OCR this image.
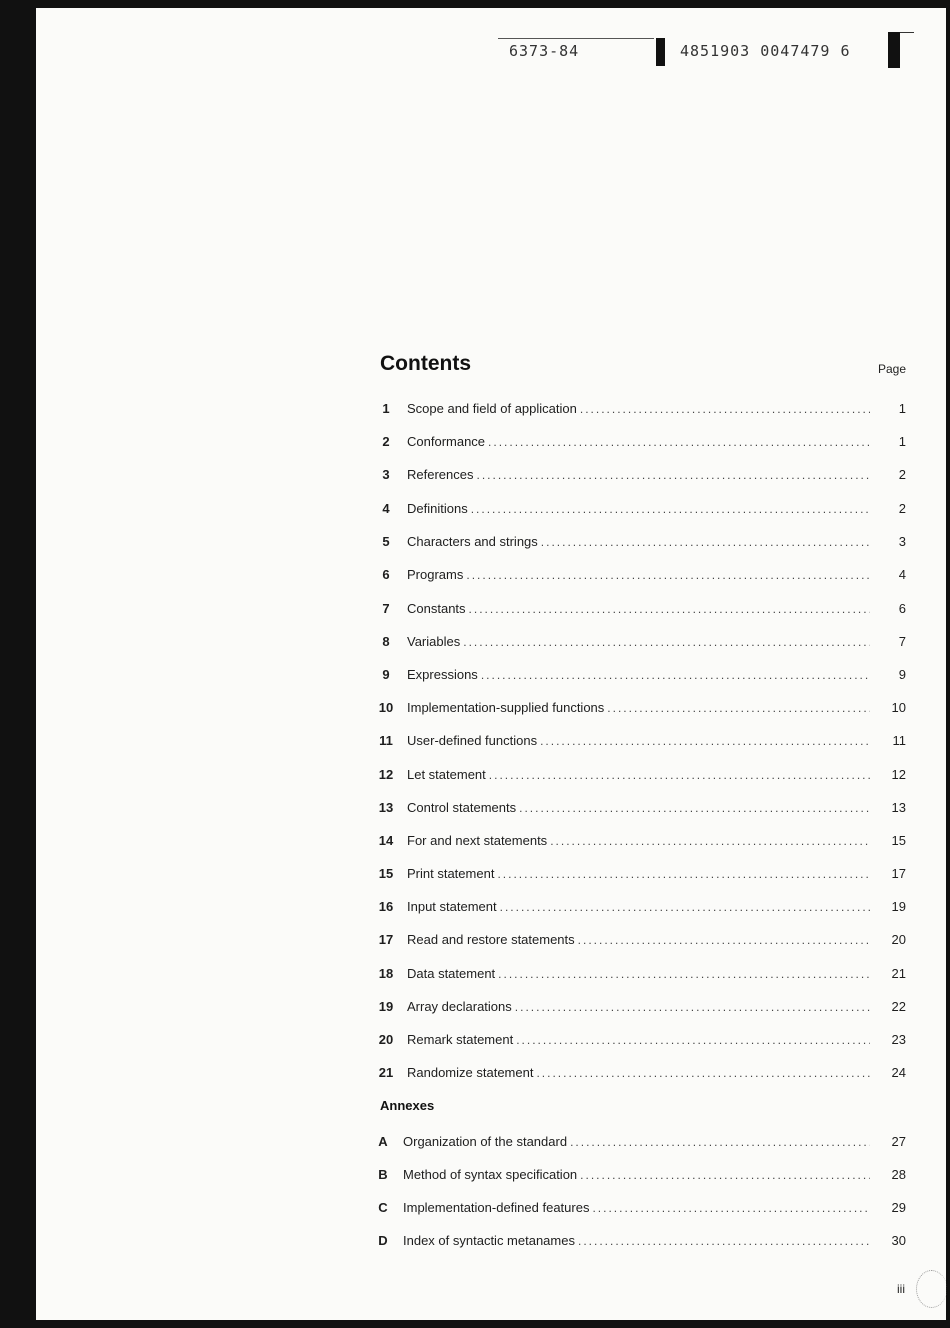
6373-84	4851903 0047479 6
Contents	Page
1	Scope and field of application .....	1
2	Conformance .....	1
3	References .....	2
4	Definitions .....	2
5	Characters and strings .....	3
6	Programs .....	4
7	Constants .....	6
8	Variables .....	7
9	Expressions .....	9
10 Implementation-supplied functions .....	10
11 User-defined functions .....	11
12 Let statement .....	12
13 Control statements .....	13
14 For and next statements .....	15
15 Print statement .....	17
16 Input statement .....	19
17 Read and restore statements .....	20
18 Data statement .....	21
19 Array declarations .....	22
20 Remark statement .....	23
21 Randomize statement .....	24
A Organization of the standard .....	27
B Method of syntax specification .....	28
C Implementation-defined features .....	29
D Index of syntactic metanames .....	30
Annexes
iii
